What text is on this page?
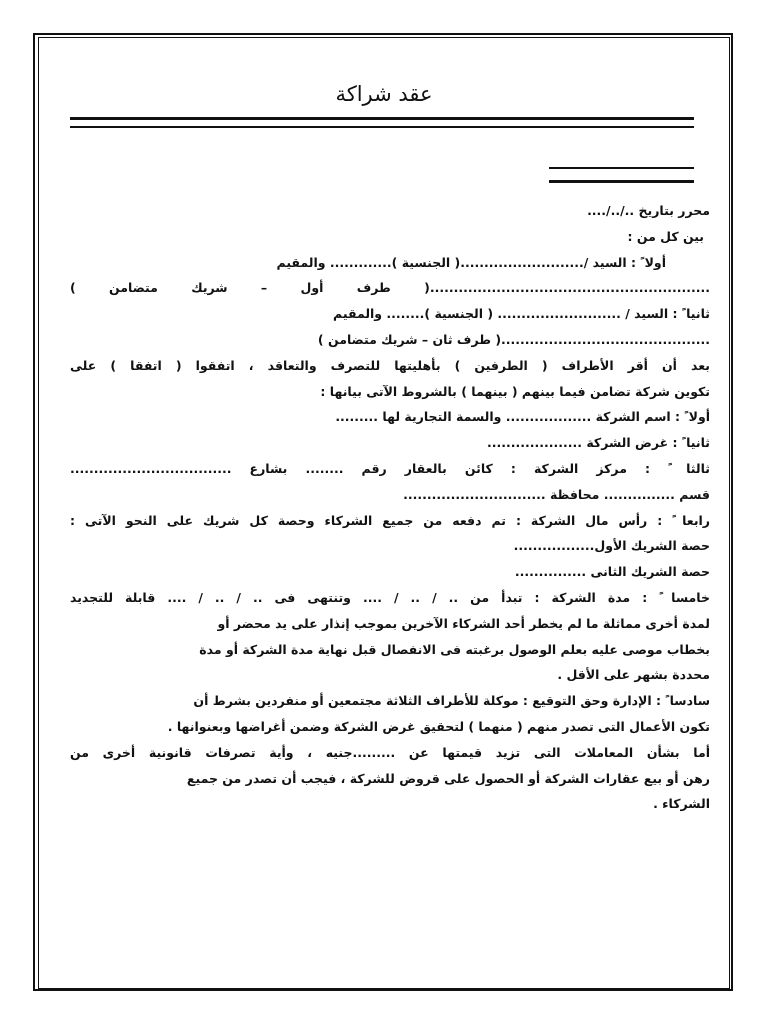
عقد شراكة
محرر بتاريخ ../../....
بين كل من :
أولا ً : السيد /..........................( الجنسية )............. والمقيم
...........................................................( طرف أول – شريك متضامن )
ثانيا ً : السيد / .......................... ( الجنسية )........ والمقيم
............................................( طرف ثان – شريك متضامن )
بعد أن أقر الأطراف ( الطرفين ) بأهليتها للتصرف والتعاقد ، اتفقوا ( اتفقا ) على
تكوين شركة تضامن فيما بينهم ( بينهما ) بالشروط الآتى بيانها :
أولا ً : اسم الشركة .................. والسمة التجارية لها .........
ثانيا ً : غرض الشركة ....................
ثالثا ً : مركز الشركة : كائن بالعقار رقم ........ بشارع ..................................
قسم ............... محافظة ..............................
رابعا ً : رأس مال الشركة : تم دفعه من جميع الشركاء وحصة كل شريك على النحو الآتى :
حصة الشريك الأول.................
حصة الشريك الثانى ...............
خامسا ً : مدة الشركة : تبدأ من .. / .. / .... وتنتهى فى .. / .. / .... قابلة للتجديد
لمدة أخرى مماثلة ما لم يخطر أحد الشركاء الآخرين بموجب إنذار على يد محضر أو
بخطاب موصى عليه بعلم الوصول برغبته فى الانفصال قبل نهاية مدة الشركة أو مدة
محددة بشهر على الأقل .
سادسا ً : الإدارة وحق التوقيع : موكلة للأطراف الثلاثة مجتمعين أو منفردين بشرط أن
تكون الأعمال التى تصدر منهم ( منهما ) لتحقيق غرض الشركة وضمن أغراضها وبعنوانها .
أما بشأن المعاملات التى تزيد قيمتها عن .........جنيه ، وأية تصرفات قانونية أخرى من
رهن أو بيع عقارات الشركة أو الحصول على قروض للشركة ، فيجب أن تصدر من جميع
الشركاء .
